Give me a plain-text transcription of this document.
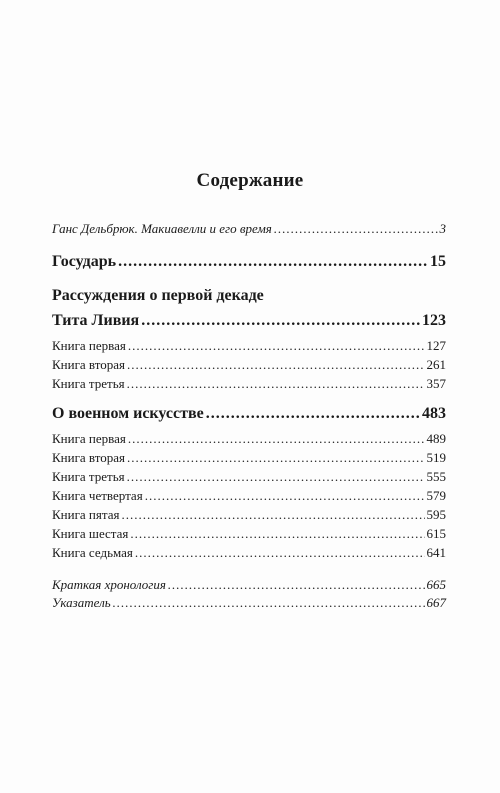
Содержание
Ганс Дельбрюк. Макиавелли и его время .....	3
Государь .....	15
Рассуждения о первой декаде
Тита Ливия .....	123
Книга первая .....	127
Книга вторая .....	261
Книга третья .....	357
О военном искусстве .....	483
Книга первая .....	489
Книга вторая .....	519
Книга третья .....	555
Книга четвертая .....	579
Книга пятая .....	595
Книга шестая .....	615
Книга седьмая .....	641
Краткая хронология .....	665
Указатель .....	667
